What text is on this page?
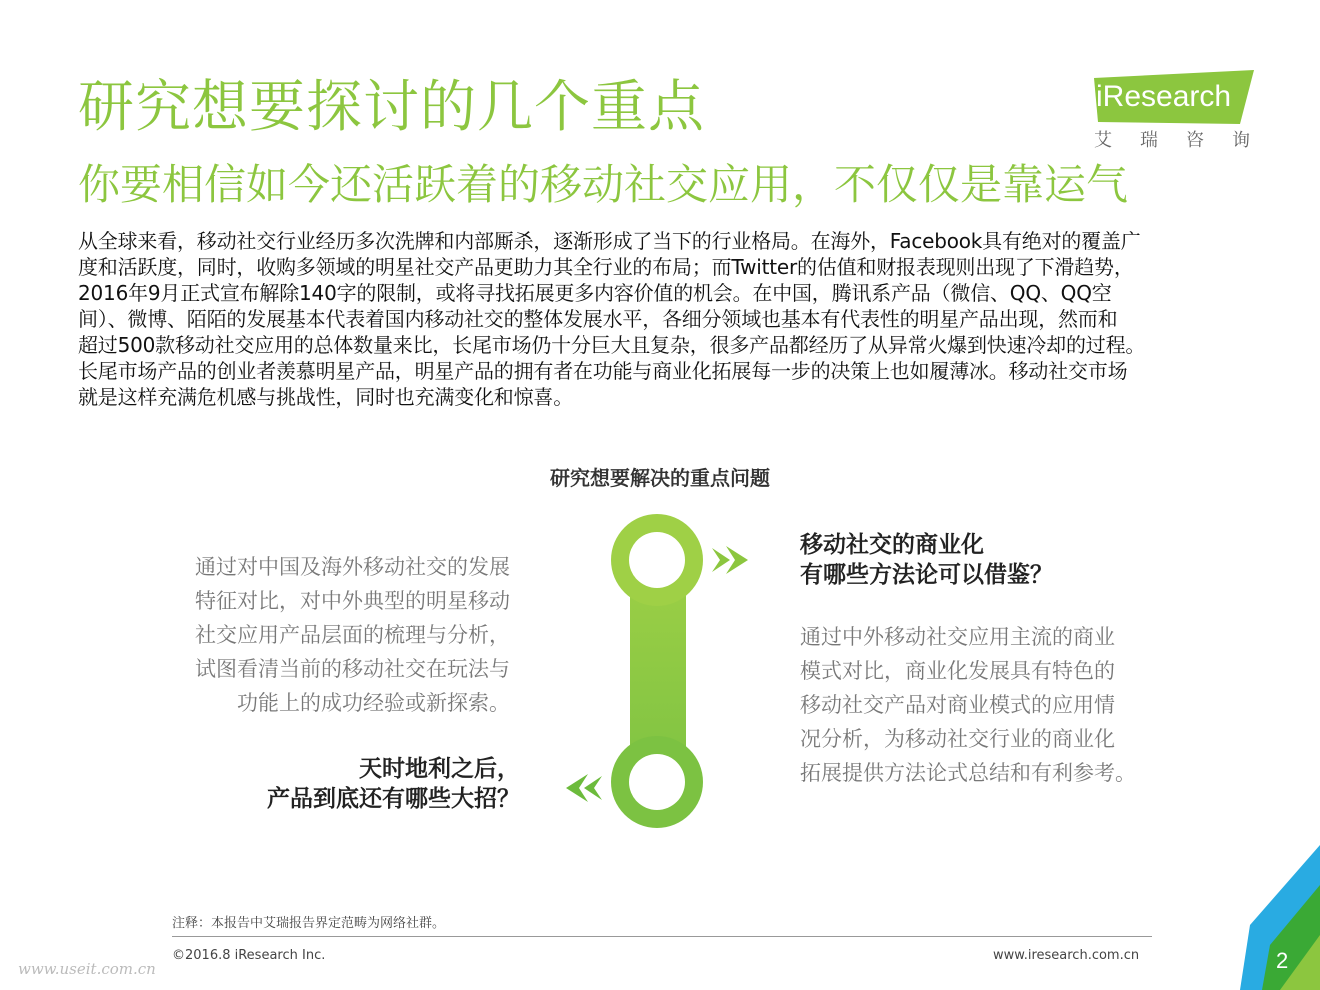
研究想要探讨的几个重点
你要相信如今还活跃着的移动社交应用，不仅仅是靠运气
iResearch
艾瑞咨询
从全球来看，移动社交行业经历多次洗牌和内部厮杀，逐渐形成了当下的行业格局。在海外，Facebook具有绝对的覆盖广
度和活跃度，同时，收购多领域的明星社交产品更助力其全行业的布局；而Twitter的估值和财报表现则出现了下滑趋势，
2016年9月正式宣布解除140字的限制，或将寻找拓展更多内容价值的机会。在中国，腾讯系产品（微信、QQ、QQ空
间）、微博、陌陌的发展基本代表着国内移动社交的整体发展水平，各细分领域也基本有代表性的明星产品出现，然而和
超过500款移动社交应用的总体数量来比，长尾市场仍十分巨大且复杂，很多产品都经历了从异常火爆到快速冷却的过程。
长尾市场产品的创业者羡慕明星产品，明星产品的拥有者在功能与商业化拓展每一步的决策上也如履薄冰。移动社交市场
就是这样充满危机感与挑战性，同时也充满变化和惊喜。
研究想要解决的重点问题
通过对中国及海外移动社交的发展
特征对比，对中外典型的明星移动
社交应用产品层面的梳理与分析，
试图看清当前的移动社交在玩法与
功能上的成功经验或新探索。
天时地利之后，
产品到底还有哪些大招？
移动社交的商业化
有哪些方法论可以借鉴？
通过中外移动社交应用主流的商业
模式对比，商业化发展具有特色的
移动社交产品对商业模式的应用情
况分析，为移动社交行业的商业化
拓展提供方法论式总结和有利参考。
注释：本报告中艾瑞报告界定范畴为网络社群。
©2016.8 iResearch Inc.	www.iresearch.com.cn	2
www.useit.com.cn
